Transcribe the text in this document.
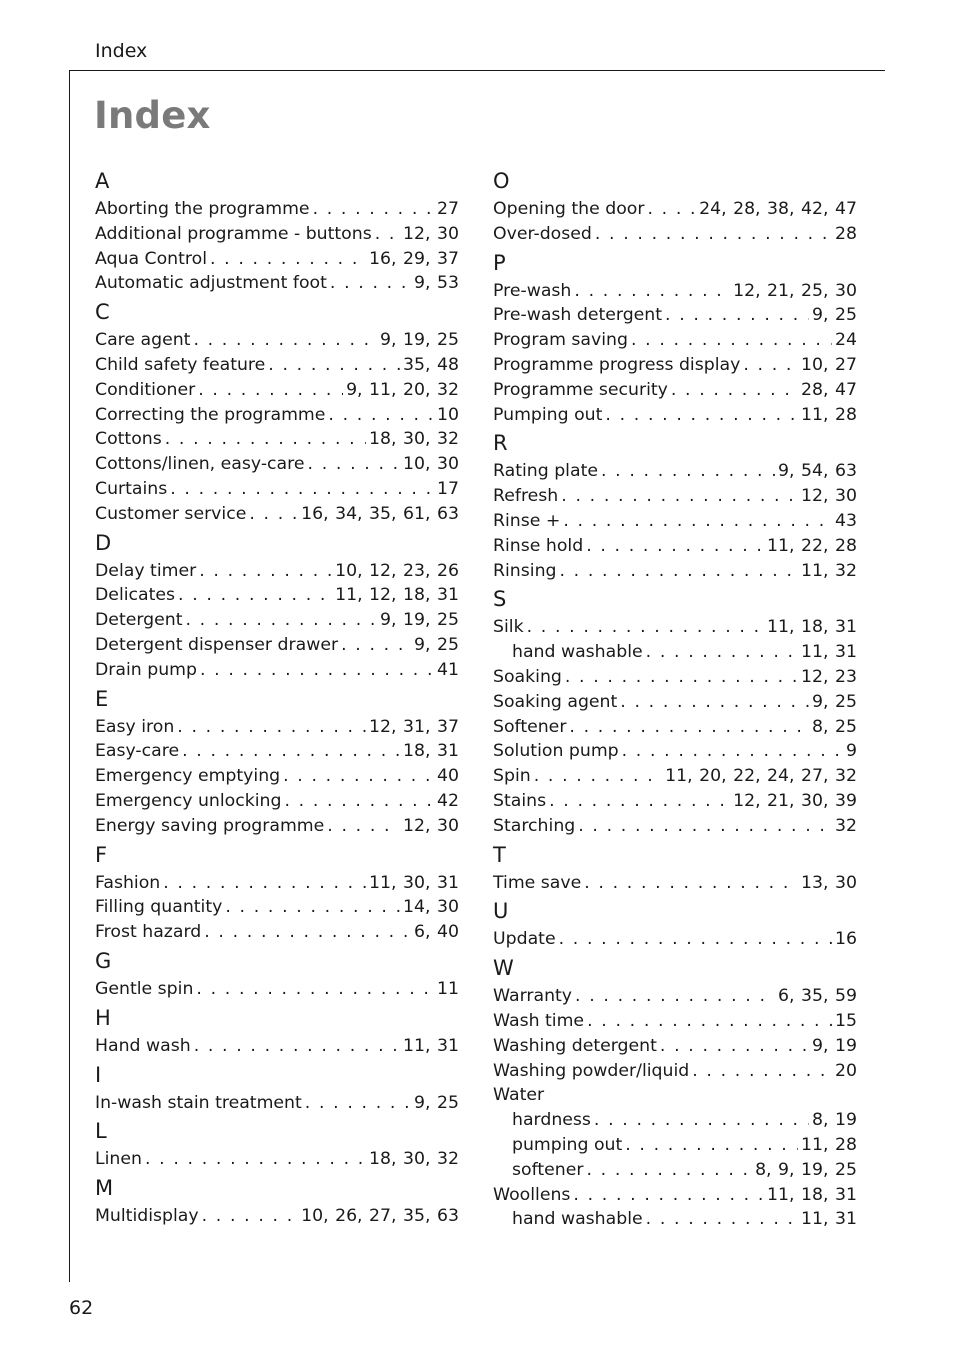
Index
Index
A
Aborting the programme . . .	27
Additional programme - buttons . . . 12, 30
Aqua Control . . .	16, 29, 37
Automatic adjustment foot . . .	9, 53
C
Care agent . . .	9, 19, 25
Child safety feature . . .	35, 48
Conditioner . . .	9, 11, 20, 32
Correcting the programme . . .	10
Cottons . . .	18, 30, 32
Cottons/linen, easy-care . . .	10, 30
Curtains . . .	17
Customer service . . .	16, 34, 35, 61, 63
D
Delay timer . . .	10, 12, 23, 26
Delicates . . .	11, 12, 18, 31
Detergent . . .	9, 19, 25
Detergent dispenser drawer . . .	9, 25
Drain pump . . .	41
E
Easy iron . . .	12, 31, 37
Easy-care . . .	18, 31
Emergency emptying . . .	40
Emergency unlocking . . .	42
Energy saving programme . . .	12, 30
F
Fashion . . .	11, 30, 31
Filling quantity . . .	14, 30
Frost hazard . . .	6, 40
G
Gentle spin . . .	11
H
Hand wash . . .	11, 31
I
In-wash stain treatment . . .	9, 25
L
Linen . . .	18, 30, 32
M
Multidisplay . . .	10, 26, 27, 35, 63
O
Opening the door . . .	24, 28, 38, 42, 47
Over-dosed . . .	28
P
Pre-wash . . .	12, 21, 25, 30
Pre-wash detergent . . .	9, 25
Program saving . . .	24
Programme progress display . . .	10, 27
Programme security . . .	28, 47
Pumping out . . .	11, 28
R
Rating plate . . .	9, 54, 63
Refresh . . .	12, 30
Rinse + . . .	43
Rinse hold . . .	11, 22, 28
Rinsing . . .	11, 32
S
Silk . . .	11, 18, 31
hand washable . . .	11, 31
Soaking . . .	12, 23
Soaking agent . . .	9, 25
Softener . . .	8, 25
Solution pump . . .	9
Spin . . .	11, 20, 22, 24, 27, 32
Stains . . .	12, 21, 30, 39
Starching . . .	32
T
Time save . . .	13, 30
U
Update . . .	16
W
Warranty . . .	6, 35, 59
Wash time . . .	15
Washing detergent . . .	9, 19
Washing powder/liquid . . .	20
Water
hardness . . .	8, 19
pumping out . . .	11, 28
softener . . .	8, 9, 19, 25
Woollens . . .	11, 18, 31
hand washable . . .	11, 31
62
